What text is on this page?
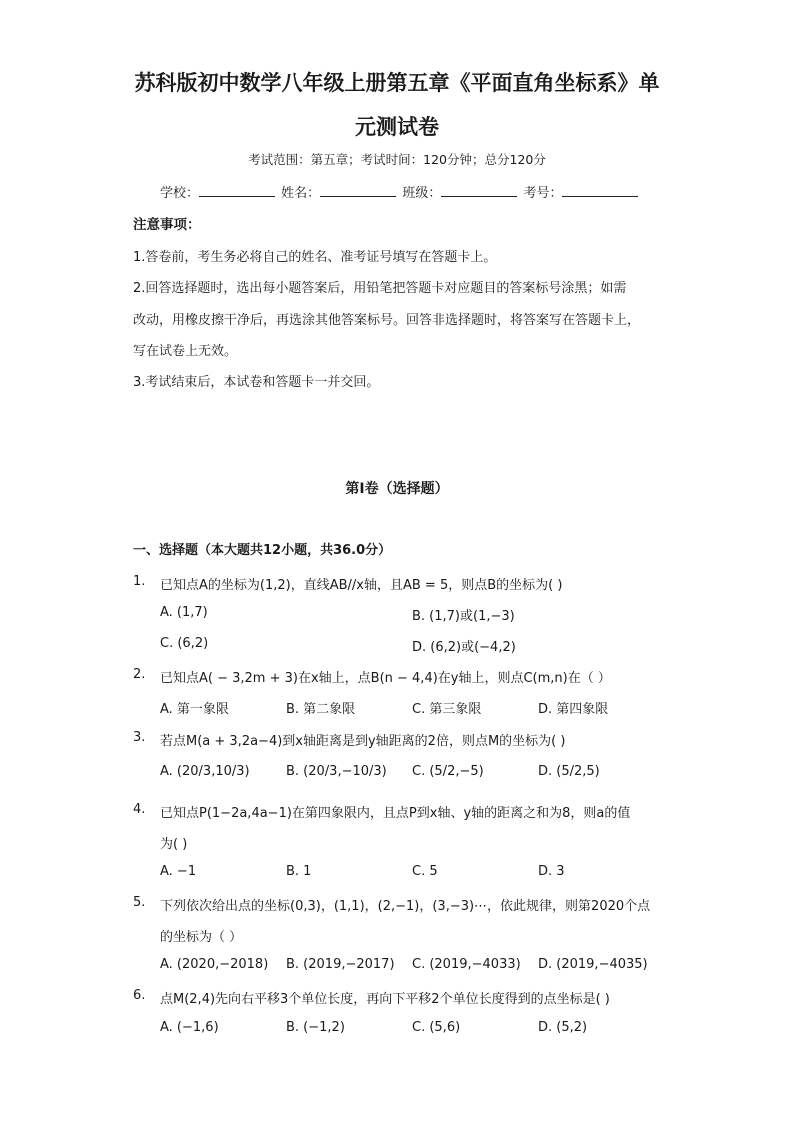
苏科版初中数学八年级上册第五章《平面直角坐标系》单
元测试卷
考试范围：第五章；考试时间：120分钟；总分120分
学校：	姓名：	班级：	考号：
注意事项：
1.答卷前，考生务必将自己的姓名、准考证号填写在答题卡上。
2.回答选择题时，选出每小题答案后，用铅笔把答题卡对应题目的答案标号涂黑；如需
改动，用橡皮擦干净后，再选涂其他答案标号。回答非选择题时，将答案写在答题卡上，
写在试卷上无效。
3.考试结束后，本试卷和答题卡一并交回。
第Ⅰ卷（选择题）
一、选择题（本大题共12小题，共36.0分）
1. 已知点A的坐标为(1,2)，直线AB//x轴，且AB = 5，则点B的坐标为( )
A. (1,7)	B. (1,7)或(1,−3)
C. (6,2)	D. (6,2)或(−4,2)
2. 已知点A( − 3,2m + 3)在x轴上，点B(n − 4,4)在y轴上，则点C(m,n)在（ ）
A. 第一象限	B. 第二象限	C. 第三象限	D. 第四象限
3. 若点M(a + 3,2a−4)到x轴距离是到y轴距离的2倍，则点M的坐标为( )
A. (20/3,10/3)	B. (20/3,−10/3) C. (5/2,−5)	D. (5/2,5)
4. 已知点P(1−2a,4a−1)在第四象限内，且点P到x轴、y轴的距离之和为8，则a的值
为( )
A. −1	B. 1	C. 5	D. 3
5. 下列依次给出点的坐标(0,3)，(1,1)，(2,−1)，(3,−3)⋯，依此规律，则第2020个点
的坐标为（ ）
A. (2020,−2018) B. (2019,−2017) C. (2019,−4033) D. (2019,−4035)
6. 点M(2,4)先向右平移3个单位长度，再向下平移2个单位长度得到的点坐标是( )
A. (−1,6)	B. (−1,2)	C. (5,6)	D. (5,2)
